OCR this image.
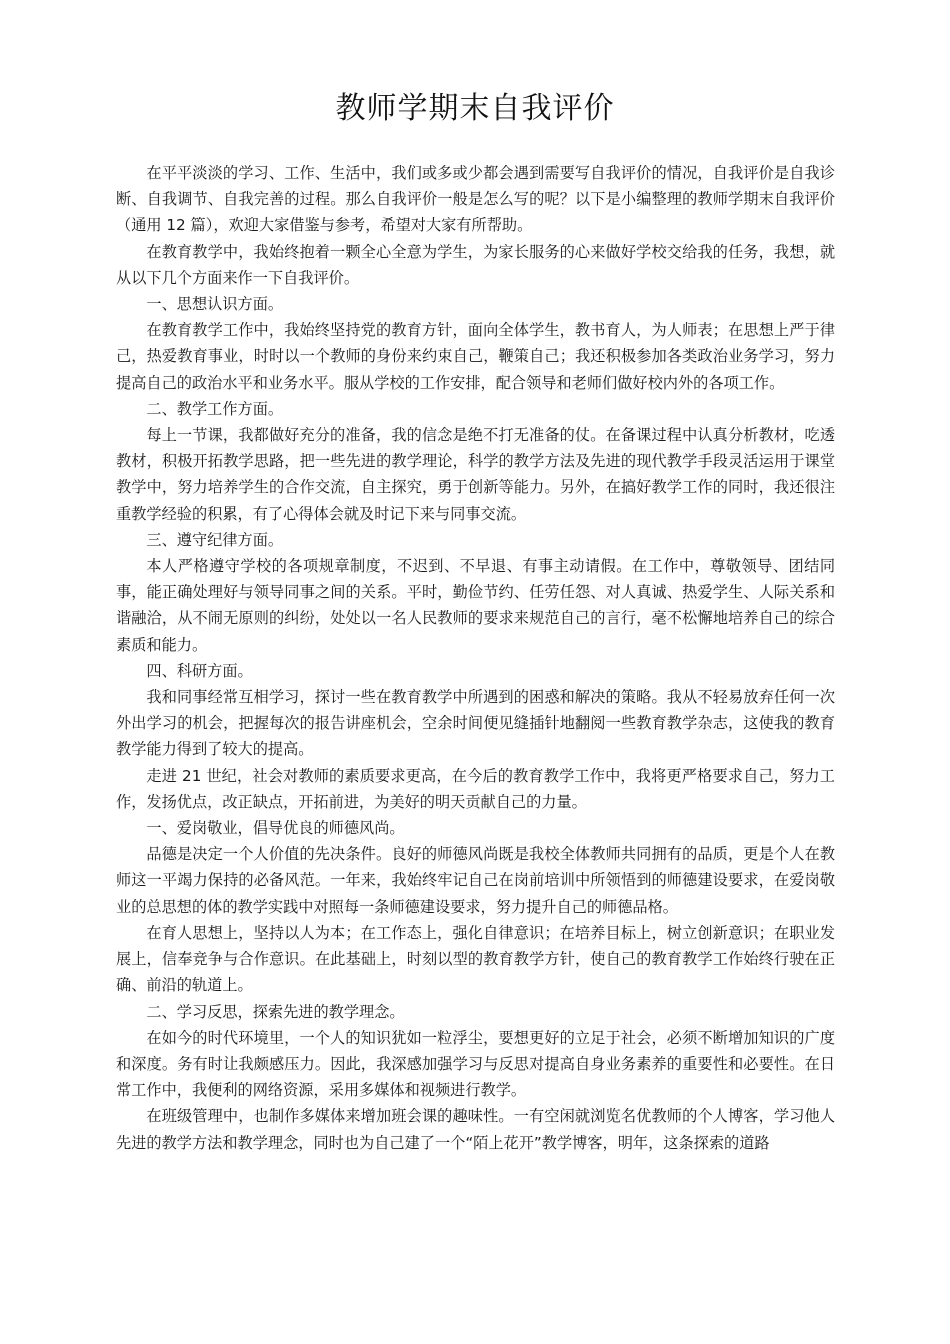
教师学期末自我评价

在平平淡淡的学习、工作、生活中，我们或多或少都会遇到需要写自我评价的情况，自我评价是自我诊断、自我调节、自我完善的过程。那么自我评价一般是怎么写的呢？以下是小编整理的教师学期末自我评价（通用 12 篇），欢迎大家借鉴与参考，希望对大家有所帮助。

在教育教学中，我始终抱着一颗全心全意为学生，为家长服务的心来做好学校交给我的任务，我想，就从以下几个方面来作一下自我评价。

一、思想认识方面。

在教育教学工作中，我始终坚持党的教育方针，面向全体学生，教书育人，为人师表；在思想上严于律己，热爱教育事业，时时以一个教师的身份来约束自己，鞭策自己；我还积极参加各类政治业务学习，努力提高自己的政治水平和业务水平。服从学校的工作安排，配合领导和老师们做好校内外的各项工作。

二、教学工作方面。

每上一节课，我都做好充分的准备，我的信念是绝不打无准备的仗。在备课过程中认真分析教材，吃透教材，积极开拓教学思路，把一些先进的教学理论，科学的教学方法及先进的现代教学手段灵活运用于课堂教学中，努力培养学生的合作交流，自主探究，勇于创新等能力。另外，在搞好教学工作的同时，我还很注重教学经验的积累，有了心得体会就及时记下来与同事交流。

三、遵守纪律方面。

本人严格遵守学校的各项规章制度，不迟到、不早退、有事主动请假。在工作中，尊敬领导、团结同事，能正确处理好与领导同事之间的关系。平时，勤俭节约、任劳任怨、对人真诚、热爱学生、人际关系和谐融洽，从不闹无原则的纠纷，处处以一名人民教师的要求来规范自己的言行，毫不松懈地培养自己的综合素质和能力。

四、科研方面。

我和同事经常互相学习，探讨一些在教育教学中所遇到的困惑和解决的策略。我从不轻易放弃任何一次外出学习的机会，把握每次的报告讲座机会，空余时间便见缝插针地翻阅一些教育教学杂志，这使我的教育教学能力得到了较大的提高。

走进 21 世纪，社会对教师的素质要求更高，在今后的教育教学工作中，我将更严格要求自己，努力工作，发扬优点，改正缺点，开拓前进，为美好的明天贡献自己的力量。

一、爱岗敬业，倡导优良的师德风尚。

品德是决定一个人价值的先决条件。良好的师德风尚既是我校全体教师共同拥有的品质，更是个人在教师这一平竭力保持的必备风范。一年来，我始终牢记自己在岗前培训中所领悟到的师德建设要求，在爱岗敬业的总思想的体的教学实践中对照每一条师德建设要求，努力提升自己的师德品格。

在育人思想上，坚持以人为本；在工作态上，强化自律意识；在培养目标上，树立创新意识；在职业发展上，信奉竞争与合作意识。在此基础上，时刻以型的教育教学方针，使自己的教育教学工作始终行驶在正确、前沿的轨道上。

二、学习反思，探索先进的教学理念。

在如今的时代环境里，一个人的知识犹如一粒浮尘，要想更好的立足于社会，必须不断增加知识的广度和深度。务有时让我颇感压力。因此，我深感加强学习与反思对提高自身业务素养的重要性和必要性。在日常工作中，我便利的网络资源，采用多媒体和视频进行教学。

在班级管理中，也制作多媒体来增加班会课的趣味性。一有空闲就浏览名优教师的个人博客，学习他人先进的教学方法和教学理念，同时也为自己建了一个“陌上花开”教学博客，明年，这条探索的道路
